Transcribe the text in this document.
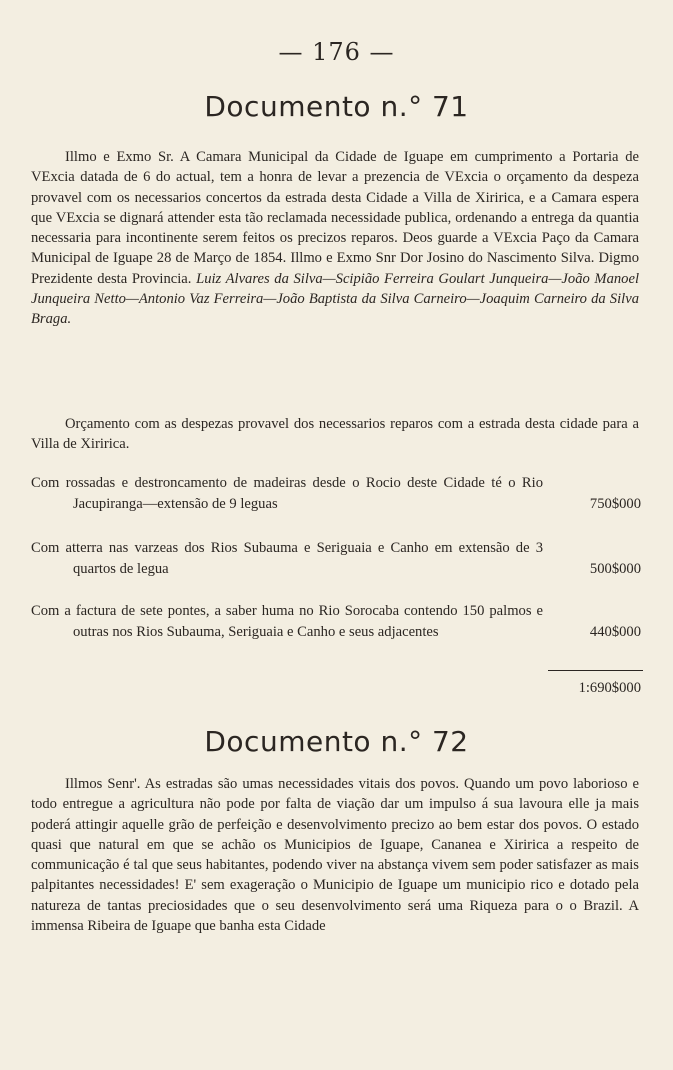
— 176 —
Documento n.° 71
Illmo e Exmo Sr. A Camara Municipal da Cidade de Iguape em cumprimento a Portaria de VExcia datada de 6 do actual, tem a honra de levar a prezencia de VExcia o orçamento da despeza provavel com os necessarios concertos da estrada desta Cidade a Villa de Xiririca, e a Camara espera que VExcia se dignará attender esta tão reclamada necessidade publica, ordenando a entrega da quantia necessaria para incontinente serem feitos os precizos reparos. Deos guarde a VExcia Paço da Camara Municipal de Iguape 28 de Março de 1854. Illmo e Exmo Snr Dor Josino do Nascimento Silva. Digmo Prezidente desta Provincia. Luiz Alvares da Silva—Scipião Ferreira Goulart Junqueira—João Manoel Junqueira Netto—Antonio Vaz Ferreira—João Baptista da Silva Carneiro—Joaquim Carneiro da Silva Braga.
Orçamento com as despezas provavel dos necessarios reparos com a estrada desta cidade para a Villa de Xiririca.
Com rossadas e destroncamento de madeiras desde o Rocio deste Cidade té o Rio Jacupiranga—extensão de 9 leguas	750$000
Com atterra nas varzeas dos Rios Subauma e Seriguaia e Canho em extensão de 3 quartos de legua	500$000
Com a factura de sete pontes, a saber huma no Rio Sorocaba contendo 150 palmos e outras nos Rios Subauma, Seriguaia e Canho e seus adjacentes	440$000
1:690$000
Documento n.° 72
Illmos Senr'. As estradas são umas necessidades vitais dos povos. Quando um povo laborioso e todo entregue a agricultura não pode por falta de viação dar um impulso á sua lavoura elle ja mais poderá attingir aquelle grão de perfeição e desenvolvimento precizo ao bem estar dos povos. O estado quasi que natural em que se achão os Municipios de Iguape, Cananea e Xiririca a respeito de communicação é tal que seus habitantes, podendo viver na abstança vivem sem poder satisfazer as mais palpitantes necessidades! E' sem exageração o Municipio de Iguape um municipio rico e dotado pela natureza de tantas preciosidades que o seu desenvolvimento será uma Riqueza para o o Brazil. A immensa Ribeira de Iguape que banha esta Cidade
